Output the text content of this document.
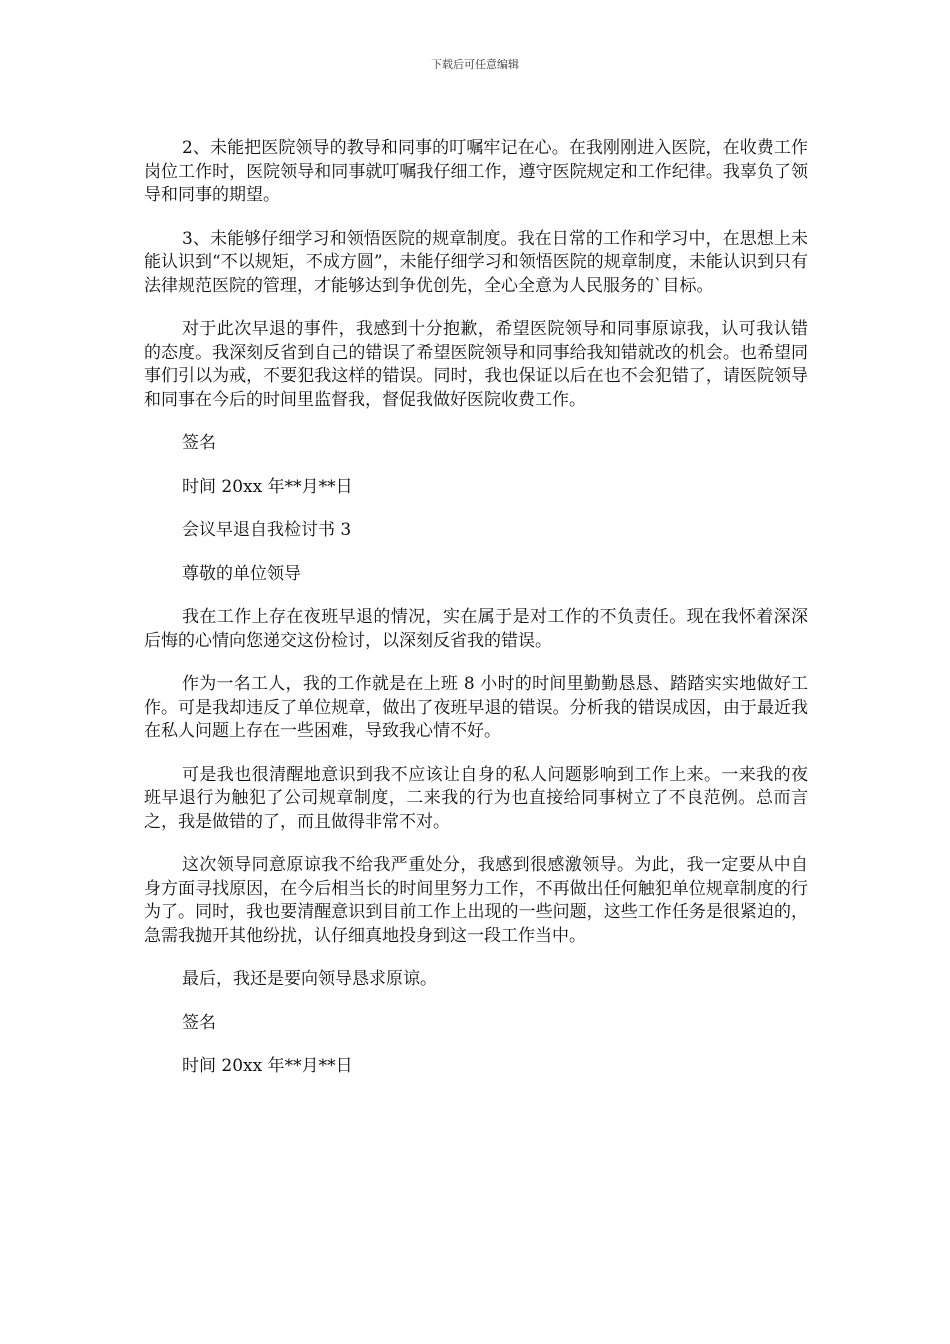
下载后可任意编辑

2、未能把医院领导的教导和同事的叮嘱牢记在心。在我刚刚进入医院，在收费工作岗位工作时，医院领导和同事就叮嘱我仔细工作，遵守医院规定和工作纪律。我辜负了领导和同事的期望。

3、未能够仔细学习和领悟医院的规章制度。我在日常的工作和学习中，在思想上未能认识到“不以规矩，不成方圆”，未能仔细学习和领悟医院的规章制度，未能认识到只有法律规范医院的管理，才能够达到争优创先，全心全意为人民服务的`目标。

对于此次早退的事件，我感到十分抱歉，希望医院领导和同事原谅我，认可我认错的态度。我深刻反省到自己的错误了希望医院领导和同事给我知错就改的机会。也希望同事们引以为戒，不要犯我这样的错误。同时，我也保证以后在也不会犯错了，请医院领导和同事在今后的时间里监督我，督促我做好医院收费工作。

签名

时间 20xx 年**月**日

会议早退自我检讨书 3

尊敬的单位领导

我在工作上存在夜班早退的情况，实在属于是对工作的不负责任。现在我怀着深深后悔的心情向您递交这份检讨，以深刻反省我的错误。

作为一名工人，我的工作就是在上班 8 小时的时间里勤勤恳恳、踏踏实实地做好工作。可是我却违反了单位规章，做出了夜班早退的错误。分析我的错误成因，由于最近我在私人问题上存在一些困难，导致我心情不好。

可是我也很清醒地意识到我不应该让自身的私人问题影响到工作上来。一来我的夜班早退行为触犯了公司规章制度，二来我的行为也直接给同事树立了不良范例。总而言之，我是做错的了，而且做得非常不对。

这次领导同意原谅我不给我严重处分，我感到很感激领导。为此，我一定要从中自身方面寻找原因，在今后相当长的时间里努力工作，不再做出任何触犯单位规章制度的行为了。同时，我也要清醒意识到目前工作上出现的一些问题，这些工作任务是很紧迫的，急需我抛开其他纷扰，认仔细真地投身到这一段工作当中。

最后，我还是要向领导恳求原谅。

签名

时间 20xx 年**月**日
